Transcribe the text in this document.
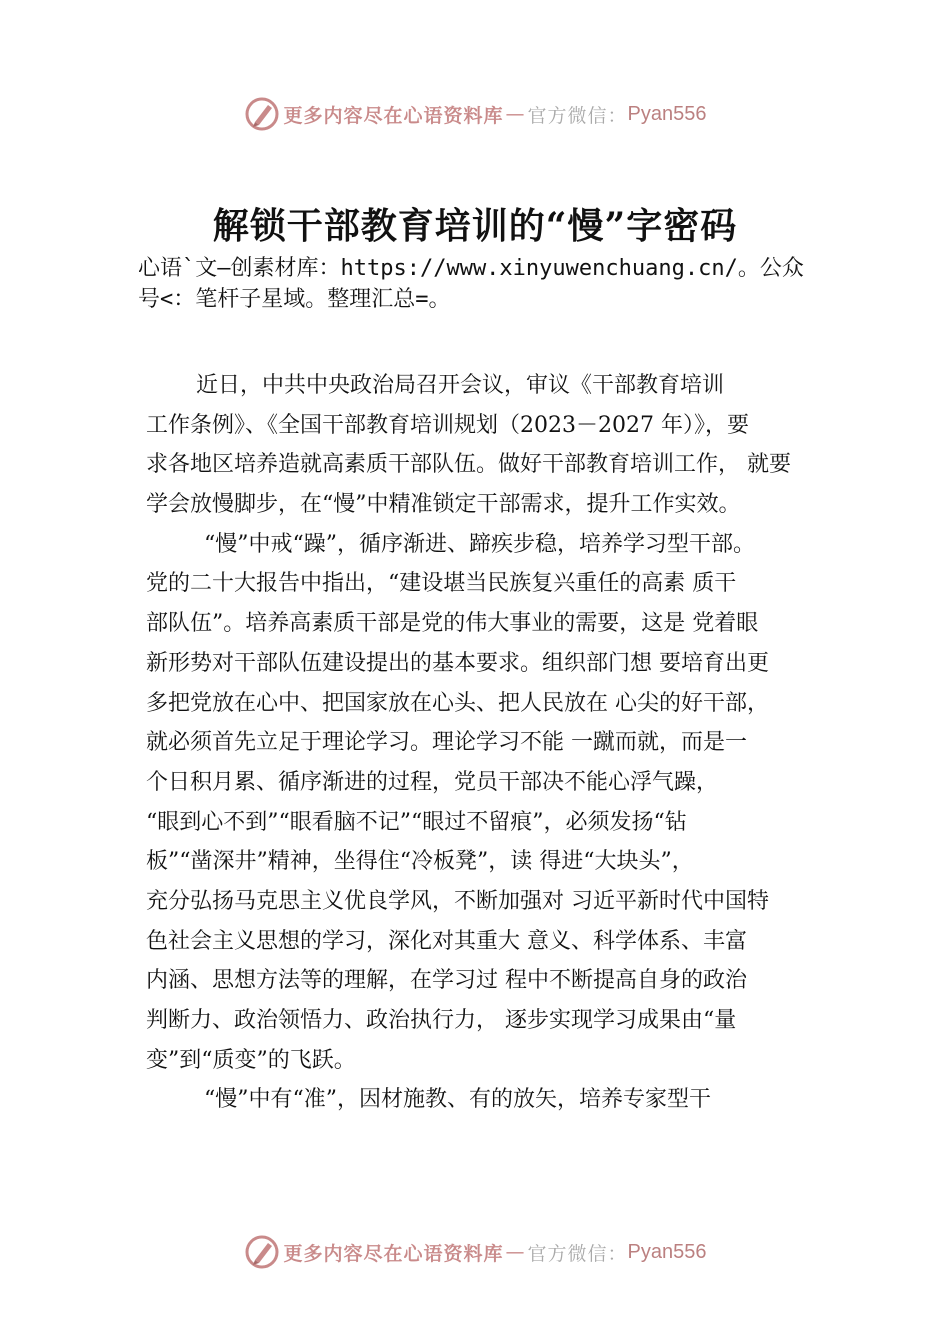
更多内容尽在心语资料库 — 官方微信： Pyan556
解锁干部教育培训的“慢”字密码
心语`文—创素材库：https://www.xinyuwenchuang.cn/。公众
号<：笔杆子星域。整理汇总=。
近日，中共中央政治局召开会议，审议《干部教育培训
工作条例》、《全国干部教育培训规划（2023－2027 年）》，要
求各地区培养造就高素质干部队伍。做好干部教育培训工作， 就要
学会放慢脚步，在“慢”中精准锁定干部需求，提升工作实效。
“慢”中戒“躁”，循序渐进、蹄疾步稳，培养学习型干部。
党的二十大报告中指出，“建设堪当民族复兴重任的高素 质干
部队伍”。培养高素质干部是党的伟大事业的需要，这是 党着眼
新形势对干部队伍建设提出的基本要求。组织部门想 要培育出更
多把党放在心中、把国家放在心头、把人民放在 心尖的好干部，
就必须首先立足于理论学习。理论学习不能 一蹴而就，而是一
个日积月累、循序渐进的过程，党员干部决不能心浮气躁，
“眼到心不到”“眼看脑不记”“眼过不留痕”，必须发扬“钻
板”“凿深井”精神，坐得住“冷板凳”，读 得进“大块头”，
充分弘扬马克思主义优良学风，不断加强对 习近平新时代中国特
色社会主义思想的学习，深化对其重大 意义、科学体系、丰富
内涵、思想方法等的理解，在学习过 程中不断提高自身的政治
判断力、政治领悟力、政治执行力， 逐步实现学习成果由“量
变”到“质变”的飞跃。
“慢”中有“准”，因材施教、有的放矢，培养专家型干
更多内容尽在心语资料库 — 官方微信： Pyan556
